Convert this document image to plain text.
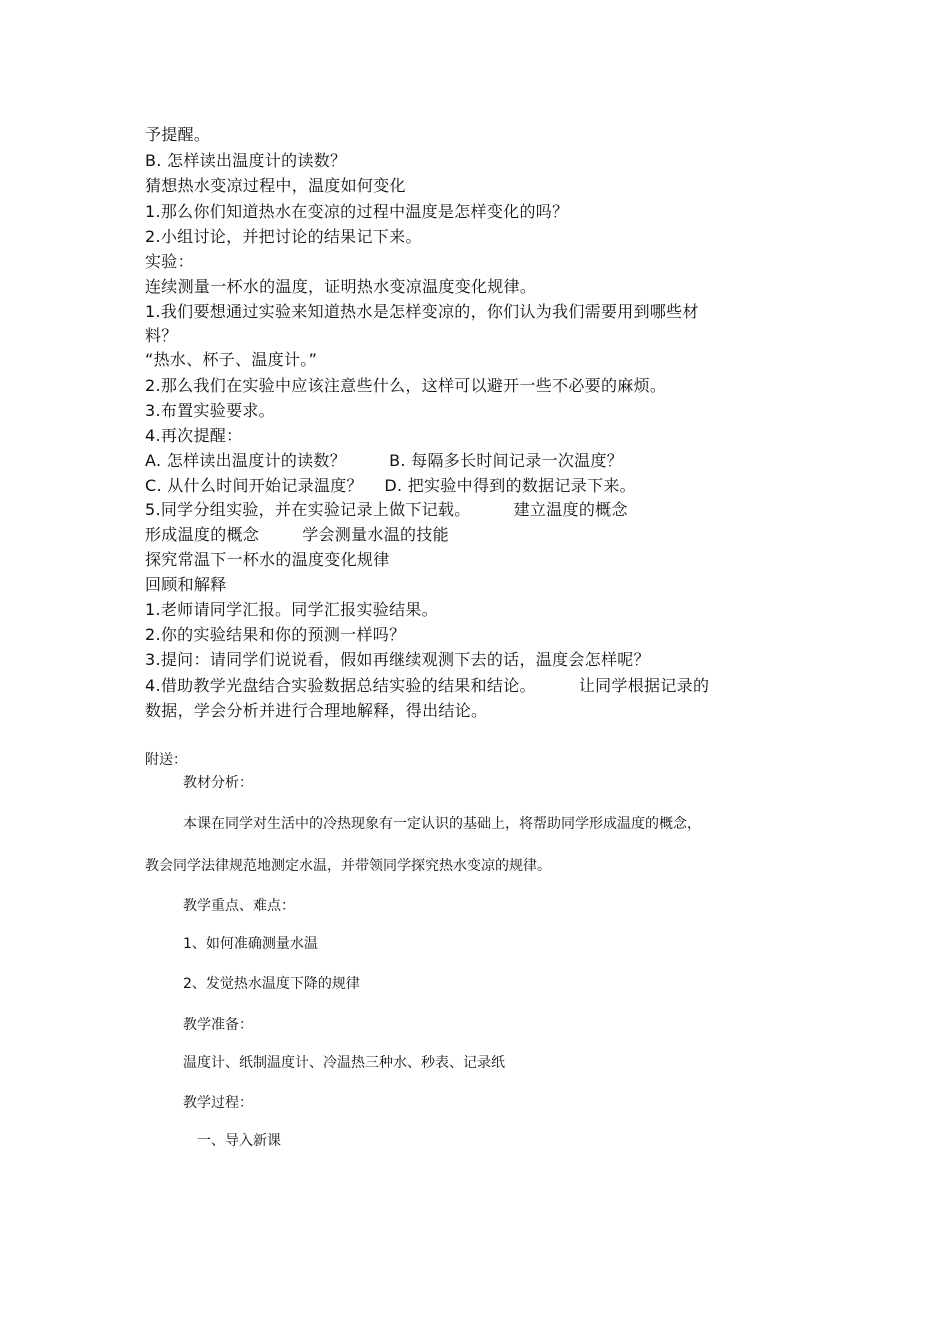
予提醒。
B. 怎样读出温度计的读数？
猜想热水变凉过程中，温度如何变化
1.那么你们知道热水在变凉的过程中温度是怎样变化的吗？
2.小组讨论，并把讨论的结果记下来。
实验：
连续测量一杯水的温度，证明热水变凉温度变化规律。
1.我们要想通过实验来知道热水是怎样变凉的，你们认为我们需要用到哪些材
料？
“热水、杯子、温度计。”
2.那么我们在实验中应该注意些什么，这样可以避开一些不必要的麻烦。
3.布置实验要求。
4.再次提醒：
A. 怎样读出温度计的读数？        B. 每隔多长时间记录一次温度？
C. 从什么时间开始记录温度？    D. 把实验中得到的数据记录下来。
5.同学分组实验，并在实验记录上做下记载。        建立温度的概念
形成温度的概念        学会测量水温的技能
探究常温下一杯水的温度变化规律
回顾和解释
1.老师请同学汇报。同学汇报实验结果。
2.你的实验结果和你的预测一样吗？
3.提问：请同学们说说看，假如再继续观测下去的话，温度会怎样呢？
4.借助教学光盘结合实验数据总结实验的结果和结论。        让同学根据记录的
数据，学会分析并进行合理地解释，得出结论。
附送：
教材分析：
本课在同学对生活中的冷热现象有一定认识的基础上，将帮助同学形成温度的概念，
教会同学法律规范地测定水温，并带领同学探究热水变凉的规律。
教学重点、难点：
1、如何准确测量水温
2、发觉热水温度下降的规律
教学准备：
温度计、纸制温度计、冷温热三种水、秒表、记录纸
教学过程：
一、导入新课
